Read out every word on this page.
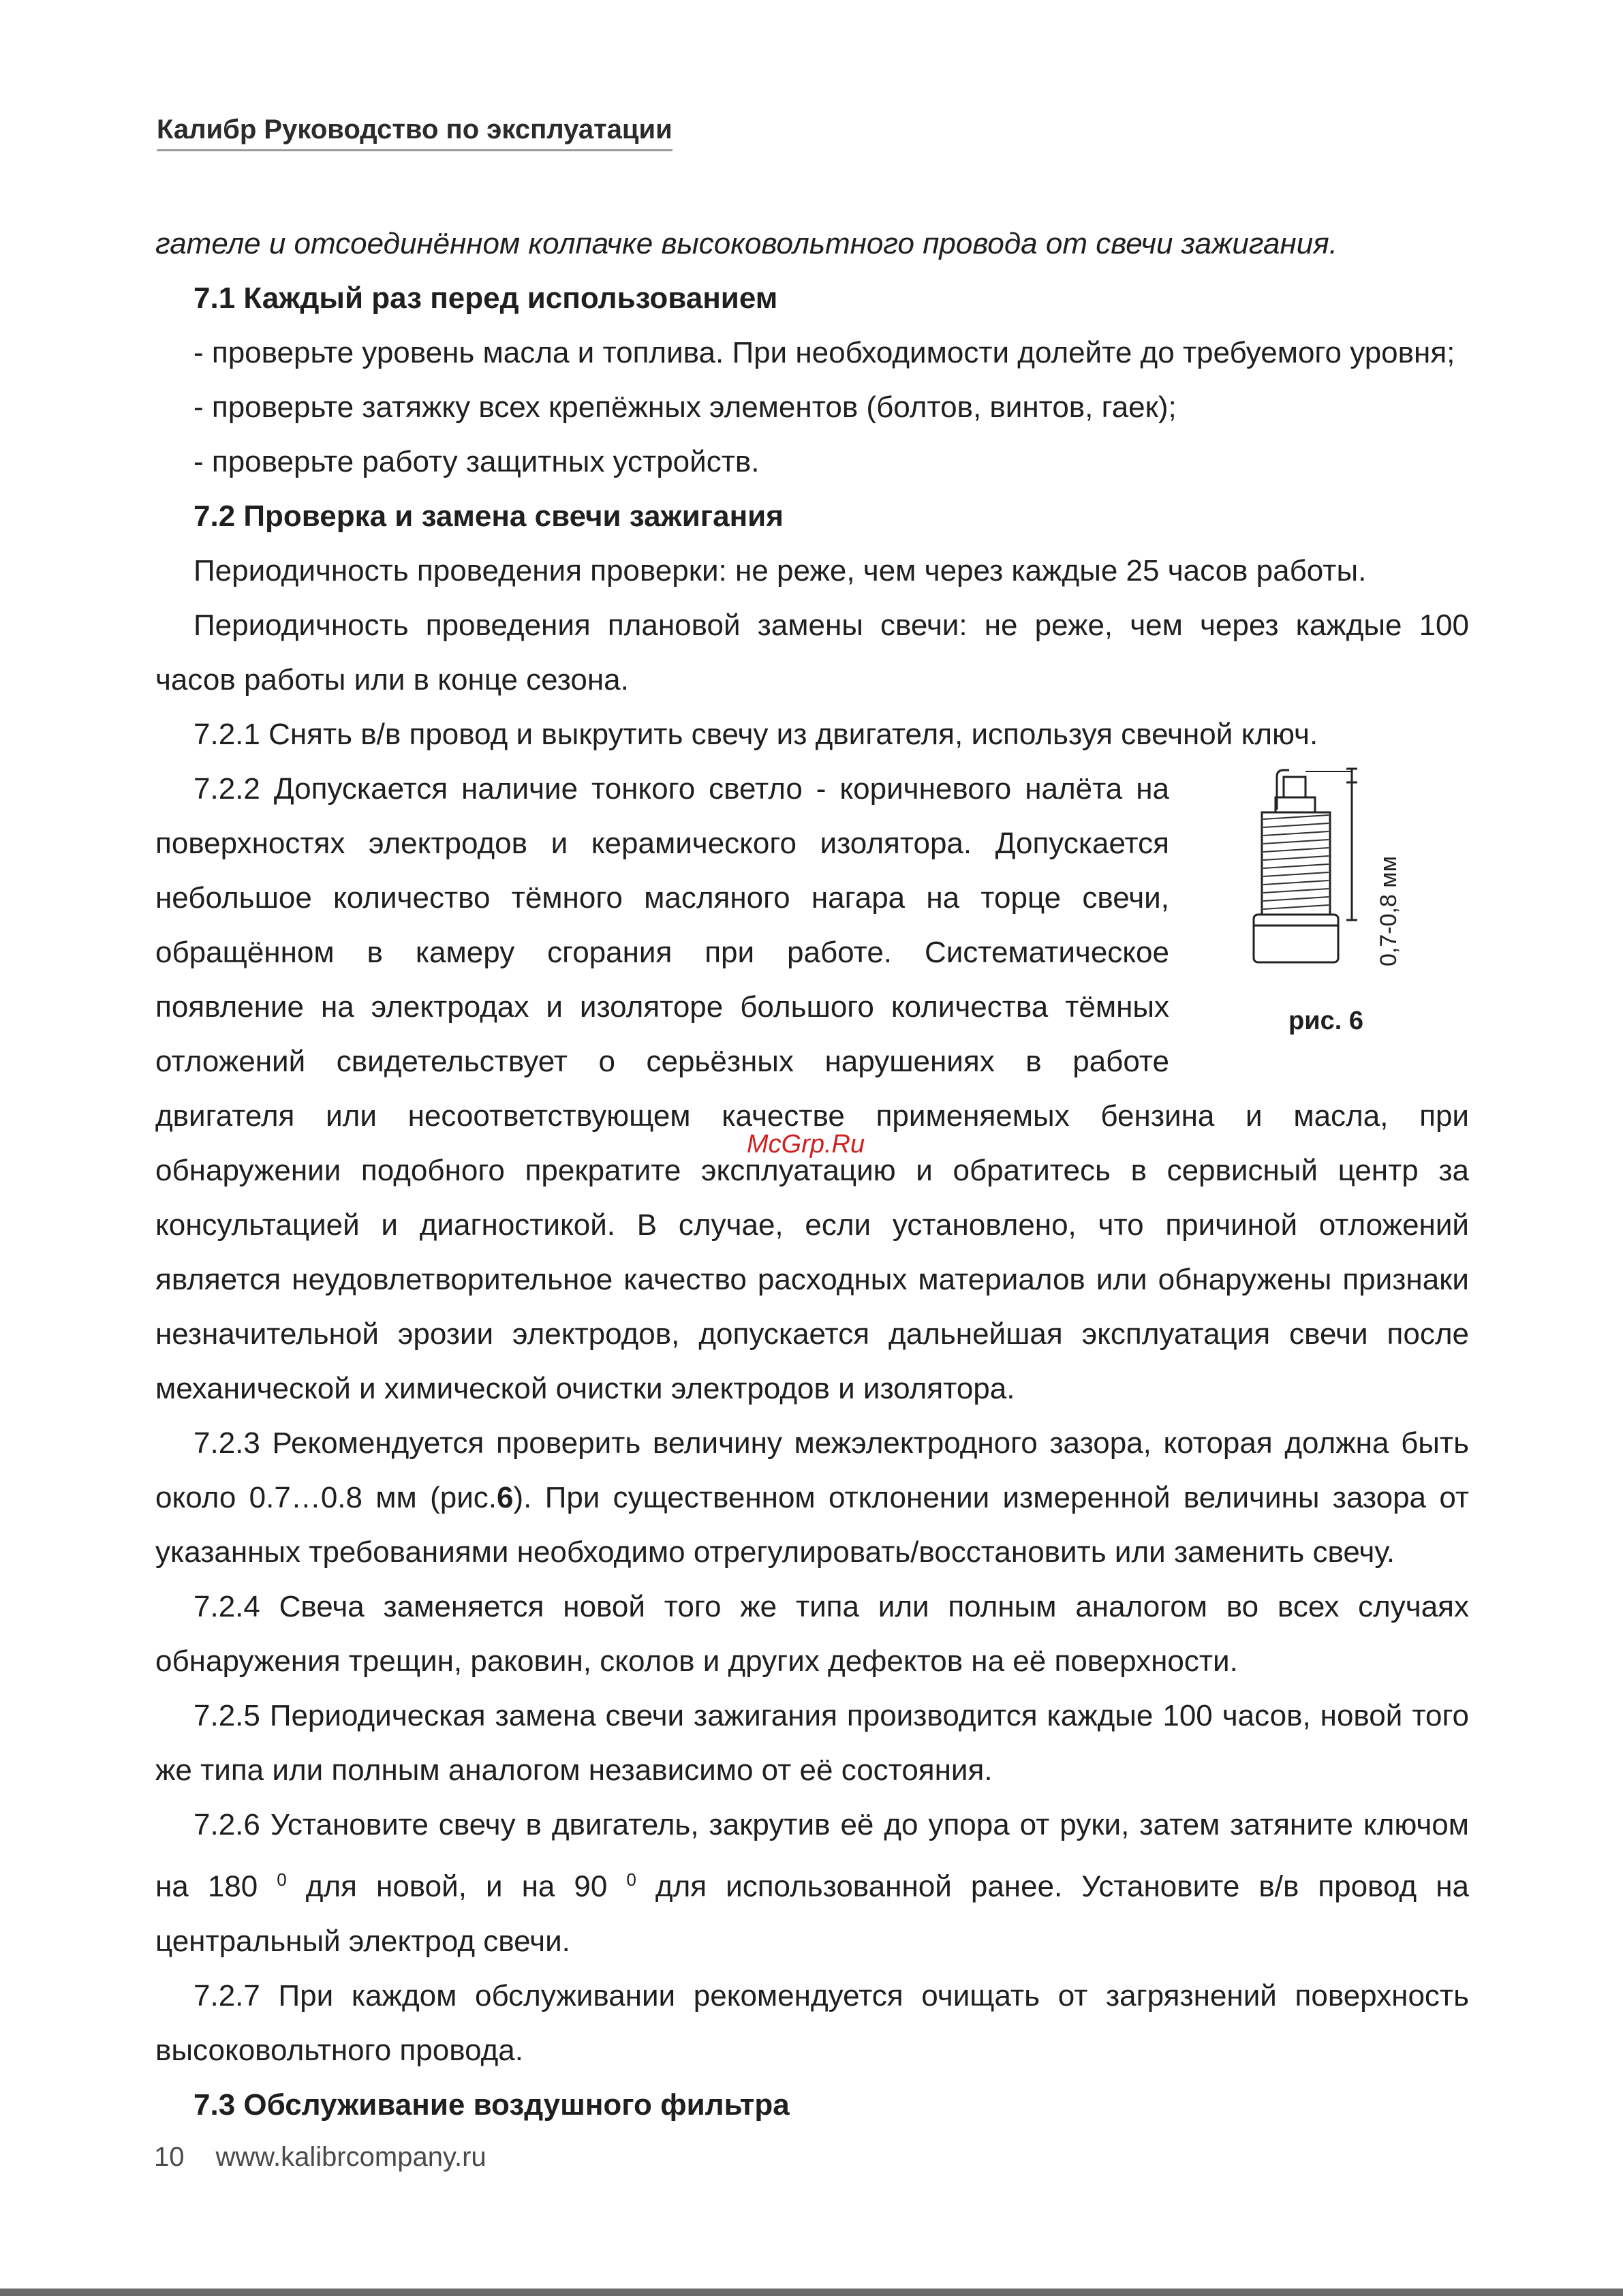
Калибр Руководство по эксплуатации

гателе и отсоединённом колпачке высоковольтного провода от свечи зажигания.

7.1 Каждый раз перед использованием

- проверьте уровень масла и топлива. При необходимости долейте до требуемого уровня;

- проверьте затяжку всех крепёжных элементов (болтов, винтов, гаек);

- проверьте работу защитных устройств.

7.2 Проверка и замена свечи зажигания

Периодичность проведения проверки: не реже, чем через каждые 25 часов работы.

Периодичность проведения плановой замены свечи: не реже, чем через каждые 100 часов работы или в конце сезона.

7.2.1 Снять в/в провод и выкрутить свечу из двигателя, используя свечной ключ.

0,7-0,8 мм
рис. 6

7.2.2 Допускается наличие тонкого светло - коричневого налёта на поверхностях электродов и керамического изолятора. Допускается небольшое количество тёмного масляного нагара на торце свечи, обращённом в камеру сгорания при работе. Систематическое появление на электродах и изоляторе большого количества тёмных отложений свидетельствует о серьёзных нарушениях в работе двигателя или несоответствующем качестве применяемых бензина и масла, при обнаружении подобного прекратите эксплуатацию и обратитесь в сервисный центр за консультацией и диагностикой. В случае, если установлено, что причиной отложений является неудовлетворительное качество расходных материалов или обнаружены признаки незначительной эрозии электродов, допускается дальнейшая эксплуатация свечи после механической и химической очистки электродов и изолятора.

7.2.3 Рекомендуется проверить величину межэлектродного зазора, которая должна быть около 0.7…0.8 мм (рис.6). При существенном отклонении измеренной величины зазора от указанных требованиями необходимо отрегулировать/восстановить или заменить свечу.

7.2.4 Свеча заменяется новой того же типа или полным аналогом во всех случаях обнаружения трещин, раковин, сколов и других дефектов на её поверхности.

7.2.5 Периодическая замена свечи зажигания производится каждые 100 часов, новой того же типа или полным аналогом независимо от её состояния.

7.2.6 Установите свечу в двигатель, закрутив её до упора от руки, затем затяните ключом на 180 $^0$ для новой, и на 90 $^0$ для использованной ранее. Установите в/в провод на центральный электрод свечи.

7.2.7 При каждом обслуживании рекомендуется очищать от загрязнений поверхность высоковольтного провода.

7.3 Обслуживание воздушного фильтра

McGrp.Ru
10 www.kalibrcompany.ru
